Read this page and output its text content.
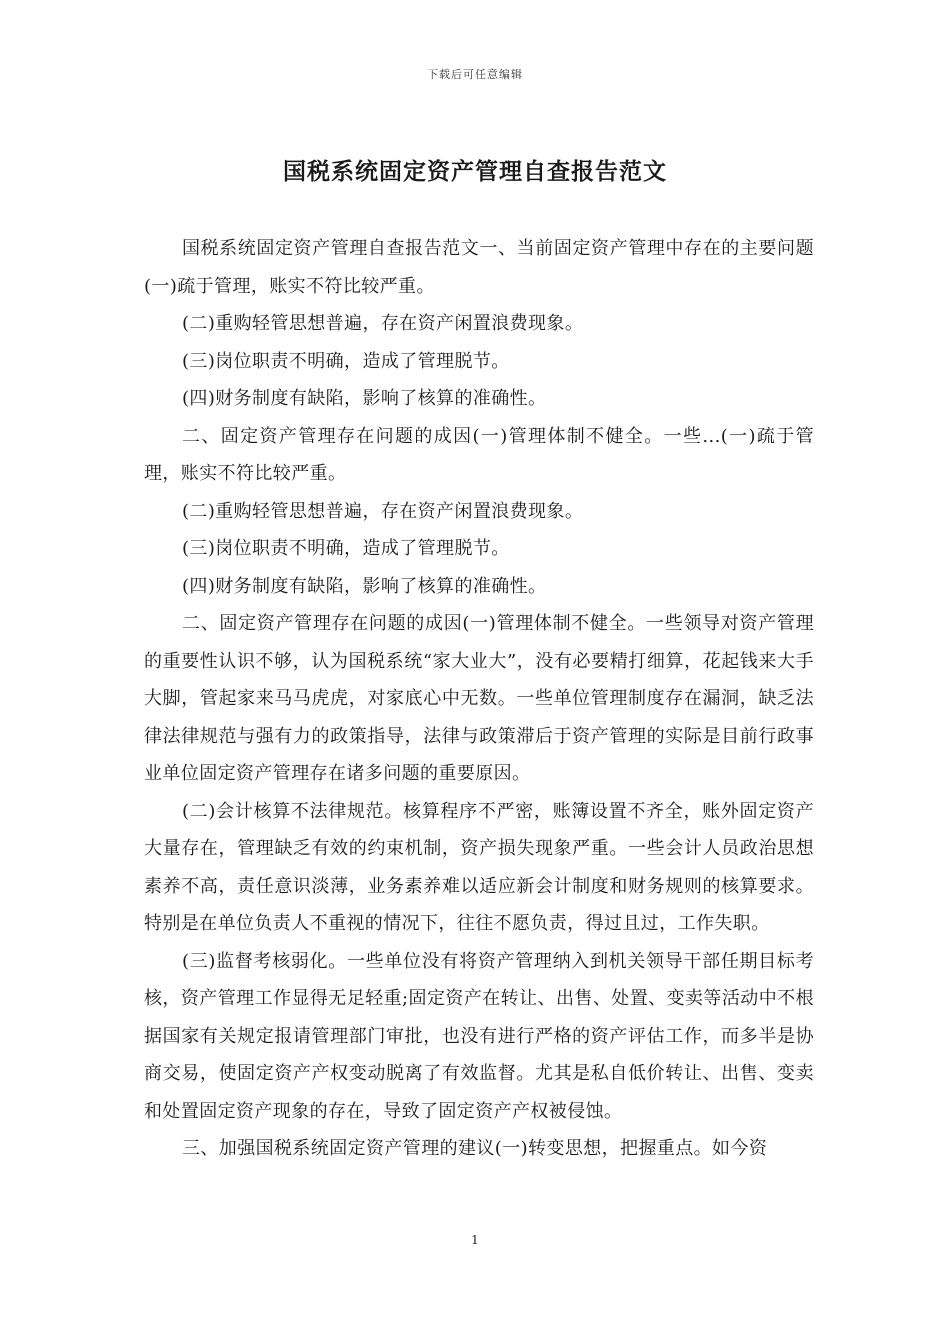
下载后可任意编辑
国税系统固定资产管理自查报告范文

国税系统固定资产管理自查报告范文一、当前固定资产管理中存在的主要问题(一)疏于管理，账实不符比较严重。

(二)重购轻管思想普遍，存在资产闲置浪费现象。

(三)岗位职责不明确，造成了管理脱节。

(四)财务制度有缺陷，影响了核算的准确性。

二、固定资产管理存在问题的成因(一)管理体制不健全。一些...(一)疏于管理，账实不符比较严重。

(二)重购轻管思想普遍，存在资产闲置浪费现象。

(三)岗位职责不明确，造成了管理脱节。

(四)财务制度有缺陷，影响了核算的准确性。

二、固定资产管理存在问题的成因(一)管理体制不健全。一些领导对资产管理的重要性认识不够，认为国税系统“家大业大”，没有必要精打细算，花起钱来大手大脚，管起家来马马虎虎，对家底心中无数。一些单位管理制度存在漏洞，缺乏法律法律规范与强有力的政策指导，法律与政策滞后于资产管理的实际是目前行政事业单位固定资产管理存在诸多问题的重要原因。

(二)会计核算不法律规范。核算程序不严密，账簿设置不齐全，账外固定资产大量存在，管理缺乏有效的约束机制，资产损失现象严重。一些会计人员政治思想素养不高，责任意识淡薄，业务素养难以适应新会计制度和财务规则的核算要求。特别是在单位负责人不重视的情况下，往往不愿负责，得过且过，工作失职。

(三)监督考核弱化。一些单位没有将资产管理纳入到机关领导干部任期目标考核，资产管理工作显得无足轻重;固定资产在转让、出售、处置、变卖等活动中不根据国家有关规定报请管理部门审批，也没有进行严格的资产评估工作，而多半是协商交易，使固定资产产权变动脱离了有效监督。尤其是私自低价转让、出售、变卖和处置固定资产现象的存在，导致了固定资产产权被侵蚀。

三、加强国税系统固定资产管理的建议(一)转变思想，把握重点。如今资

1
